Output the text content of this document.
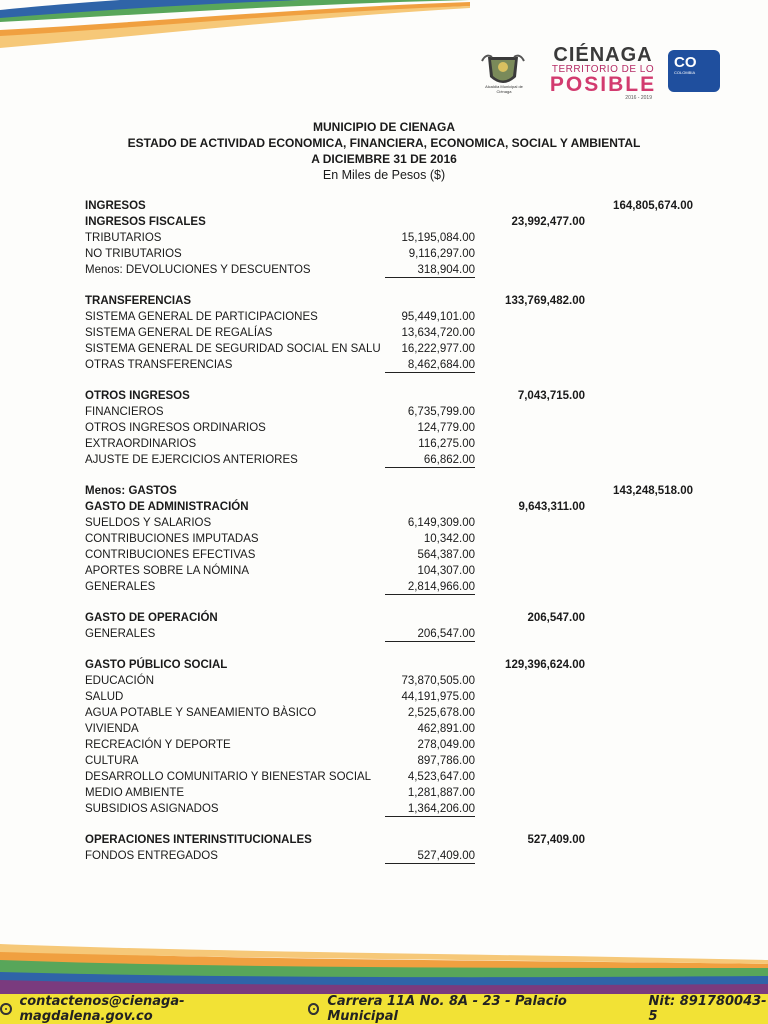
Alcaldía Municipal de Ciénaga
CIÉNAGA
TERRITORIO DE LO
POSIBLE
2016 - 2019
CO
COLOMBIA
MUNICIPIO DE CIENAGA
ESTADO DE ACTIVIDAD ECONOMICA, FINANCIERA, ECONOMICA, SOCIAL Y AMBIENTAL
A DICIEMBRE 31 DE 2016
En Miles de Pesos ($)
INGRESOS	164,805,674.00
INGRESOS FISCALES	23,992,477.00
TRIBUTARIOS	15,195,084.00
NO TRIBUTARIOS	9,116,297.00
Menos: DEVOLUCIONES Y DESCUENTOS	318,904.00
TRANSFERENCIAS	133,769,482.00
SISTEMA GENERAL DE PARTICIPACIONES	95,449,101.00
SISTEMA GENERAL DE REGALÍAS	13,634,720.00
SISTEMA GENERAL DE SEGURIDAD SOCIAL EN SALU	16,222,977.00
OTRAS TRANSFERENCIAS	8,462,684.00
OTROS INGRESOS	7,043,715.00
FINANCIEROS	6,735,799.00
OTROS INGRESOS ORDINARIOS	124,779.00
EXTRAORDINARIOS	116,275.00
AJUSTE DE EJERCICIOS ANTERIORES	66,862.00
Menos: GASTOS	143,248,518.00
GASTO DE ADMINISTRACIÓN	9,643,311.00
SUELDOS Y SALARIOS	6,149,309.00
CONTRIBUCIONES IMPUTADAS	10,342.00
CONTRIBUCIONES EFECTIVAS	564,387.00
APORTES SOBRE LA NÓMINA	104,307.00
GENERALES	2,814,966.00
GASTO DE OPERACIÓN	206,547.00
GENERALES	206,547.00
GASTO PÚBLICO SOCIAL	129,396,624.00
EDUCACIÓN	73,870,505.00
SALUD	44,191,975.00
AGUA POTABLE Y SANEAMIENTO BÀSICO	2,525,678.00
VIVIENDA	462,891.00
RECREACIÓN Y DEPORTE	278,049.00
CULTURA	897,786.00
DESARROLLO COMUNITARIO Y BIENESTAR SOCIAL	4,523,647.00
MEDIO AMBIENTE	1,281,887.00
SUBSIDIOS ASIGNADOS	1,364,206.00
OPERACIONES INTERINSTITUCIONALES	527,409.00
FONDOS ENTREGADOS	527,409.00
contactenos@cienaga-magdalena.gov.co
Carrera 11A No. 8A - 23 - Palacio Municipal
Nit: 891780043-5
